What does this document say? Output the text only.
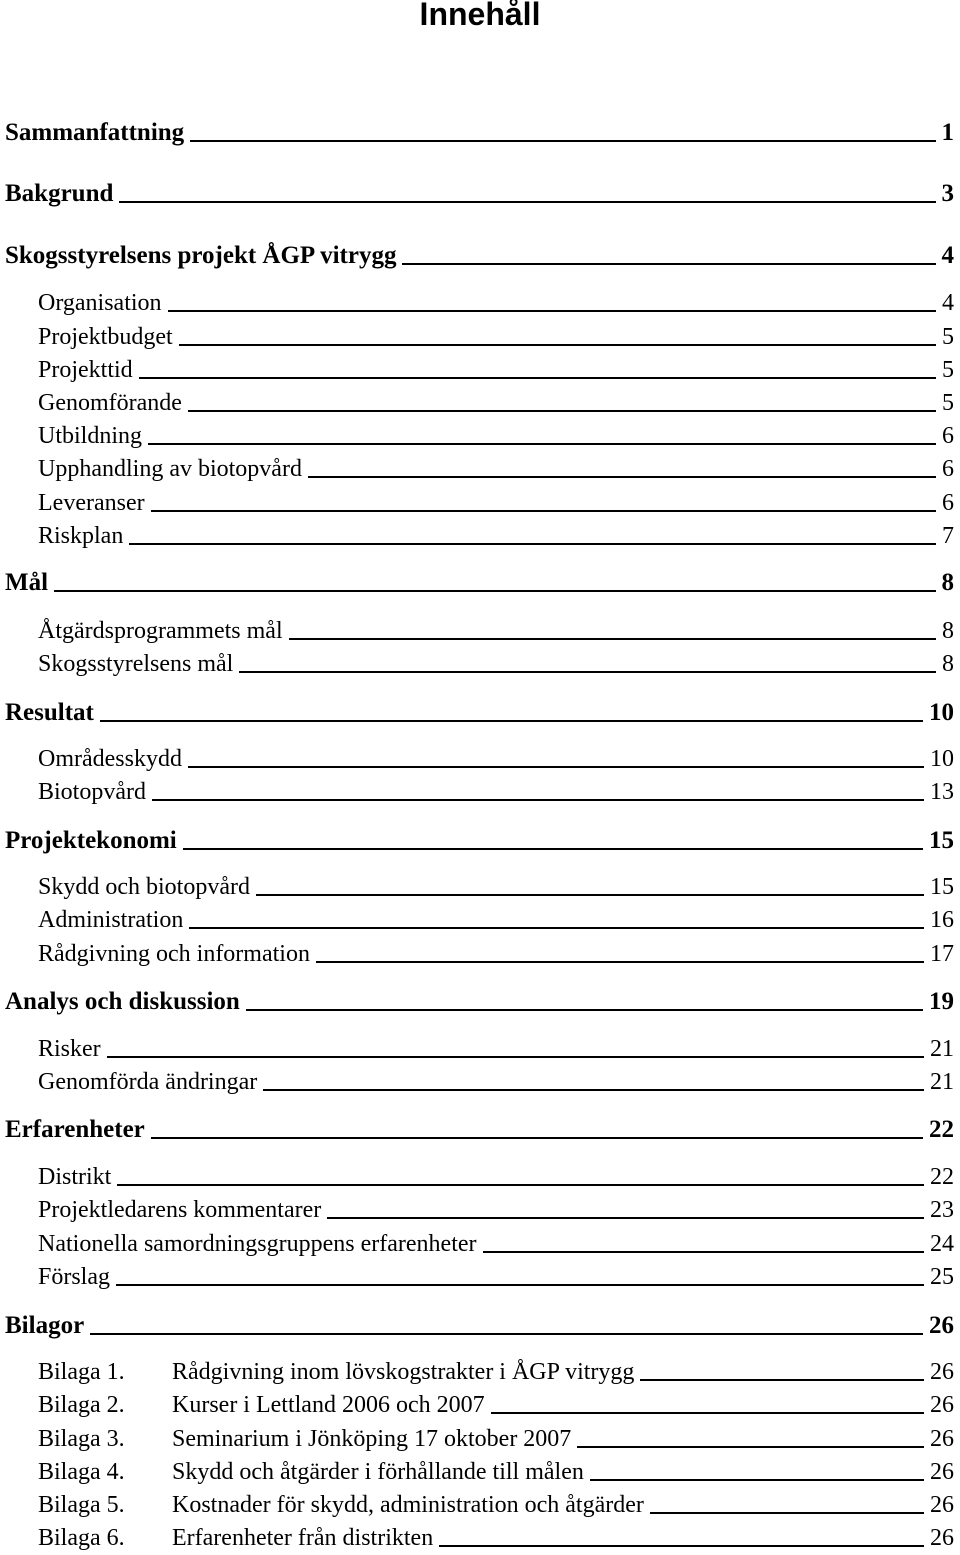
Innehåll
Sammanfattning	1
Bakgrund	3
Skogsstyrelsens projekt ÅGP vitrygg	4
Organisation	4
Projektbudget	5
Projekttid	5
Genomförande	5
Utbildning	6
Upphandling av biotopvård	6
Leveranser	6
Riskplan	7
Mål	8
Åtgärdsprogrammets mål	8
Skogsstyrelsens mål	8
Resultat	10
Områdesskydd	10
Biotopvård	13
Projektekonomi	15
Skydd och biotopvård	15
Administration	16
Rådgivning och information	17
Analys och diskussion	19
Risker	21
Genomförda ändringar	21
Erfarenheter	22
Distrikt	22
Projektledarens kommentarer	23
Nationella samordningsgruppens erfarenheter	24
Förslag	25
Bilagor	26
Bilaga 1.	Rådgivning inom lövskogstrakter i ÅGP vitrygg	26
Bilaga 2.	Kurser i Lettland 2006 och 2007	26
Bilaga 3.	Seminarium i Jönköping 17 oktober 2007	26
Bilaga 4.	Skydd och åtgärder i förhållande till målen	26
Bilaga 5.	Kostnader för skydd, administration och åtgärder	26
Bilaga 6.	Erfarenheter från distrikten	26
